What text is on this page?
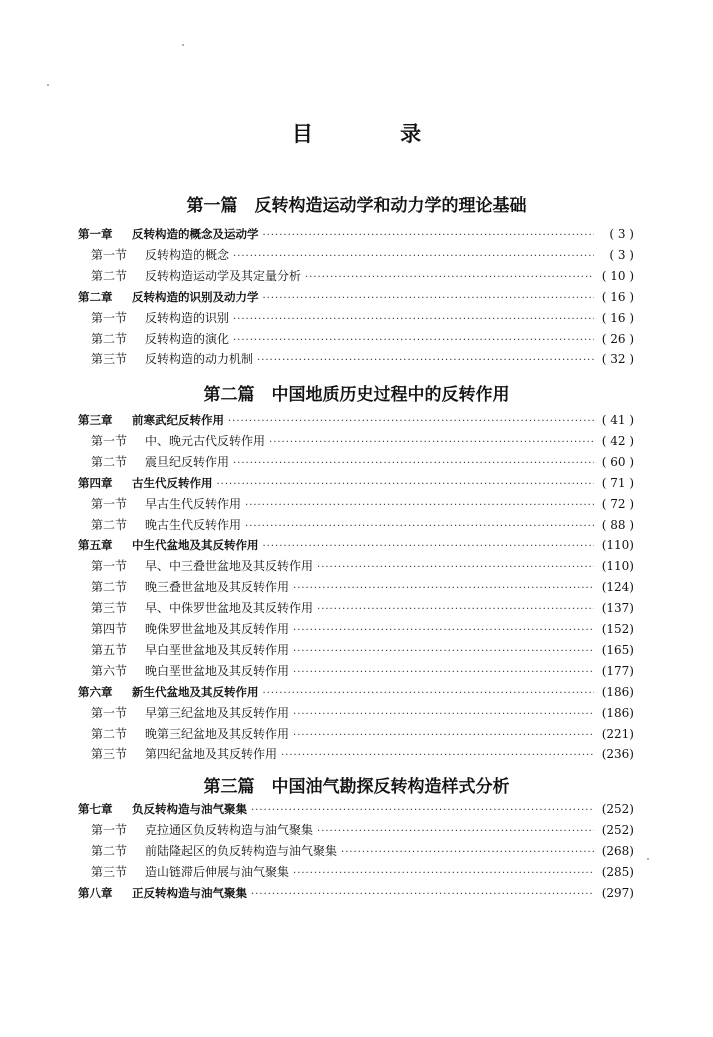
目 录
第一篇　反转构造运动学和动力学的理论基础
第一章 反转构造的概念及运动学 ·····	( 3 )
第一节 反转构造的概念 ·····	( 3 )
第二节 反转构造运动学及其定量分析 ·····	( 10 )
第二章 反转构造的识别及动力学 ·····	( 16 )
第一节 反转构造的识别 ·····	( 16 )
第二节 反转构造的演化 ·····	( 26 )
第三节 反转构造的动力机制 ·····	( 32 )
第二篇　中国地质历史过程中的反转作用
第三章 前寒武纪反转作用 ·····	( 41 )
第一节 中、晚元古代反转作用 ·····	( 42 )
第二节 震旦纪反转作用 ·····	( 60 )
第四章 古生代反转作用 ·····	( 71 )
第一节 早古生代反转作用 ·····	( 72 )
第二节 晚古生代反转作用 ·····	( 88 )
第五章 中生代盆地及其反转作用 ·····	(110)
第一节 早、中三叠世盆地及其反转作用 ·····	(110)
第二节 晚三叠世盆地及其反转作用 ·····	(124)
第三节 早、中侏罗世盆地及其反转作用 ·····	(137)
第四节 晚侏罗世盆地及其反转作用 ·····	(152)
第五节 早白垩世盆地及其反转作用 ·····	(165)
第六节 晚白垩世盆地及其反转作用 ·····	(177)
第六章 新生代盆地及其反转作用 ·····	(186)
第一节 早第三纪盆地及其反转作用 ·····	(186)
第二节 晚第三纪盆地及其反转作用 ·····	(221)
第三节 第四纪盆地及其反转作用 ·····	(236)
第三篇　中国油气勘探反转构造样式分析
第七章 负反转构造与油气聚集 ·····	(252)
第一节 克拉通区负反转构造与油气聚集 ·····	(252)
第二节 前陆隆起区的负反转构造与油气聚集 ·····	(268)
第三节 造山链滞后伸展与油气聚集 ·····	(285)
第八章 正反转构造与油气聚集 ·····	(297)
